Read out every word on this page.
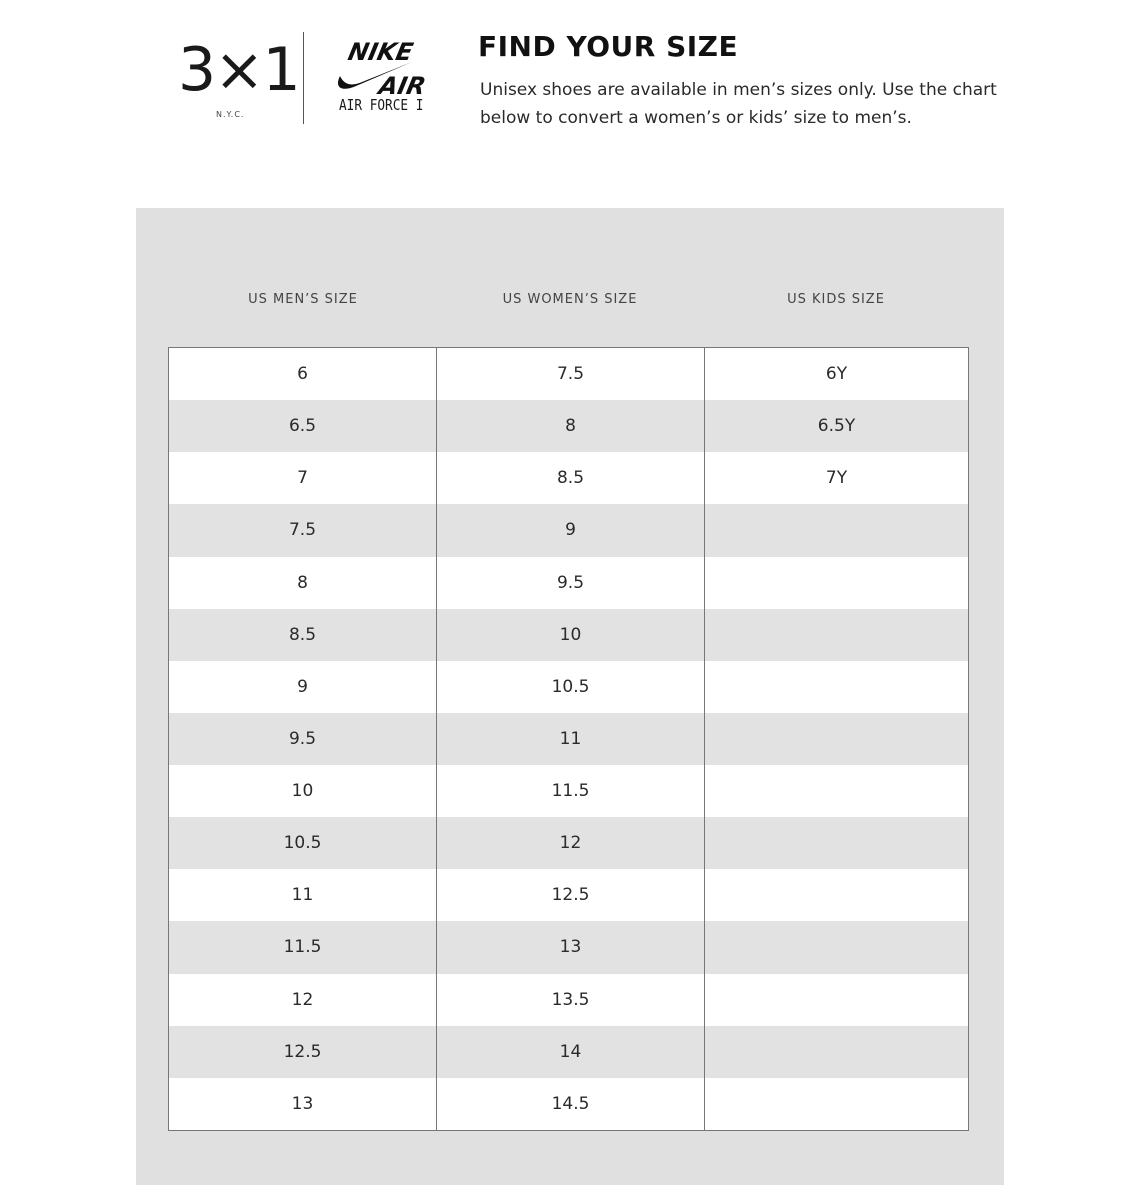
3×1
N.Y.C.
NIKE
AIR
AIR FORCE I
FIND YOUR SIZE
Unisex shoes are available in men’s sizes only. Use the chart below to convert a women’s or kids’ size to men’s.
US MEN’S SIZE	US WOMEN’S SIZE	US KIDS SIZE
6	7.5	6Y
6.5	8	6.5Y
7	8.5	7Y
7.5	9
8	9.5
8.5	10
9	10.5
9.5	11
10	11.5
10.5	12
11	12.5
11.5	13
12	13.5
12.5	14
13	14.5
